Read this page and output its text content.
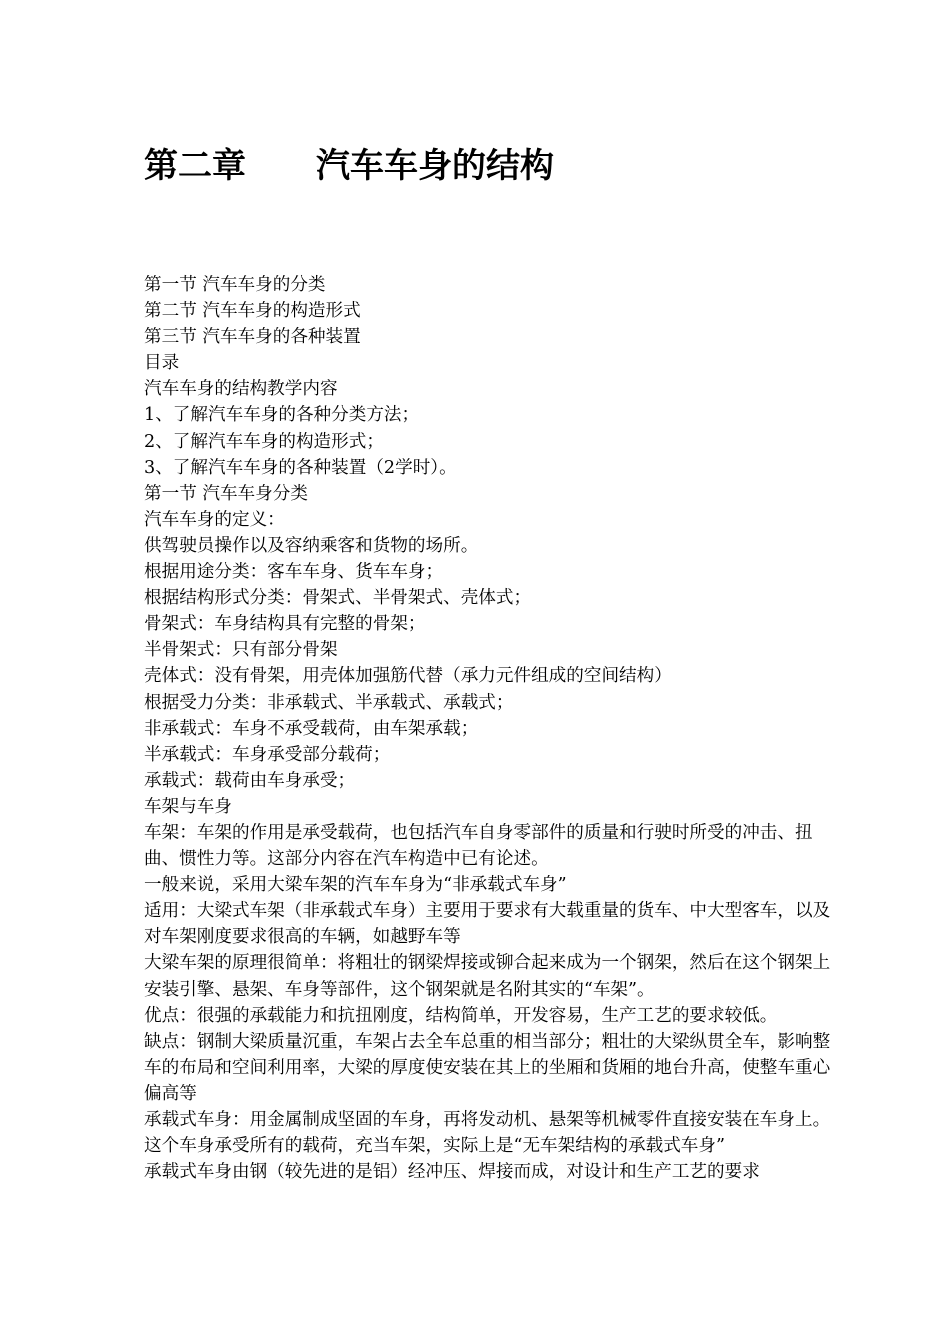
第二章 汽车车身的结构

第一节 汽车车身的分类

第二节 汽车车身的构造形式

第三节 汽车车身的各种装置

目录

汽车车身的结构教学内容

1、了解汽车车身的各种分类方法；

2、了解汽车车身的构造形式；

3、了解汽车车身的各种装置（2学时）。

第一节 汽车车身分类

汽车车身的定义：

供驾驶员操作以及容纳乘客和货物的场所。

根据用途分类：客车车身、货车车身；

根据结构形式分类：骨架式、半骨架式、壳体式；

骨架式：车身结构具有完整的骨架；

半骨架式：只有部分骨架

壳体式：没有骨架，用壳体加强筋代替（承力元件组成的空间结构）

根据受力分类：非承载式、半承载式、承载式；

非承载式：车身不承受载荷，由车架承载；

半承载式：车身承受部分载荷；

承载式：载荷由车身承受；

车架与车身

车架：车架的作用是承受载荷，也包括汽车自身零部件的质量和行驶时所受的冲击、扭曲、惯性力等。这部分内容在汽车构造中已有论述。

一般来说，采用大梁车架的汽车车身为“非承载式车身”

适用：大梁式车架（非承载式车身）主要用于要求有大载重量的货车、中大型客车，以及对车架刚度要求很高的车辆，如越野车等

大梁车架的原理很简单：将粗壮的钢梁焊接或铆合起来成为一个钢架，然后在这个钢架上安装引擎、悬架、车身等部件，这个钢架就是名附其实的“车架”。

优点：很强的承载能力和抗扭刚度，结构简单，开发容易，生产工艺的要求较低。

缺点：钢制大梁质量沉重，车架占去全车总重的相当部分；粗壮的大梁纵贯全车，影响整车的布局和空间利用率，大梁的厚度使安装在其上的坐厢和货厢的地台升高，使整车重心偏高等

承载式车身：用金属制成坚固的车身，再将发动机、悬架等机械零件直接安装在车身上。这个车身承受所有的载荷，充当车架，实际上是“无车架结构的承载式车身”

承载式车身由钢（较先进的是铝）经冲压、焊接而成，对设计和生产工艺的要求
